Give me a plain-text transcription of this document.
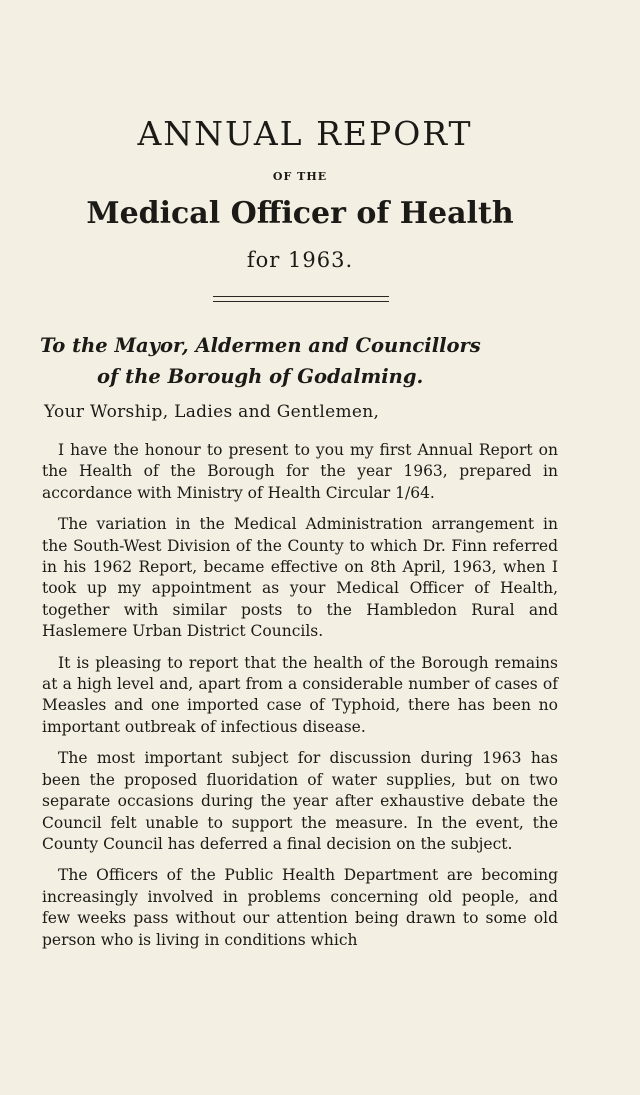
ANNUAL REPORT
OF THE
Medical Officer of Health
for 1963.
To the Mayor, Aldermen and Councillors
of the Borough of Godalming.
Your Worship, Ladies and Gentlemen,

I have the honour to present to you my first Annual Report on the Health of the Borough for the year 1963, prepared in accordance with Ministry of Health Circular 1/64.

The variation in the Medical Administration arrangement in the South-West Division of the County to which Dr. Finn referred in his 1962 Report, became effective on 8th April, 1963, when I took up my appointment as your Medical Officer of Health, together with similar posts to the Hambledon Rural and Haslemere Urban District Councils.

It is pleasing to report that the health of the Borough remains at a high level and, apart from a considerable number of cases of Measles and one imported case of Typhoid, there has been no important outbreak of infectious disease.

The most important subject for discussion during 1963 has been the proposed fluoridation of water supplies, but on two separate occasions during the year after exhaustive debate the Council felt unable to support the measure. In the event, the County Council has deferred a final decision on the subject.

The Officers of the Public Health Department are becoming increasingly involved in problems concerning old people, and few weeks pass without our attention being drawn to some old person who is living in conditions which
